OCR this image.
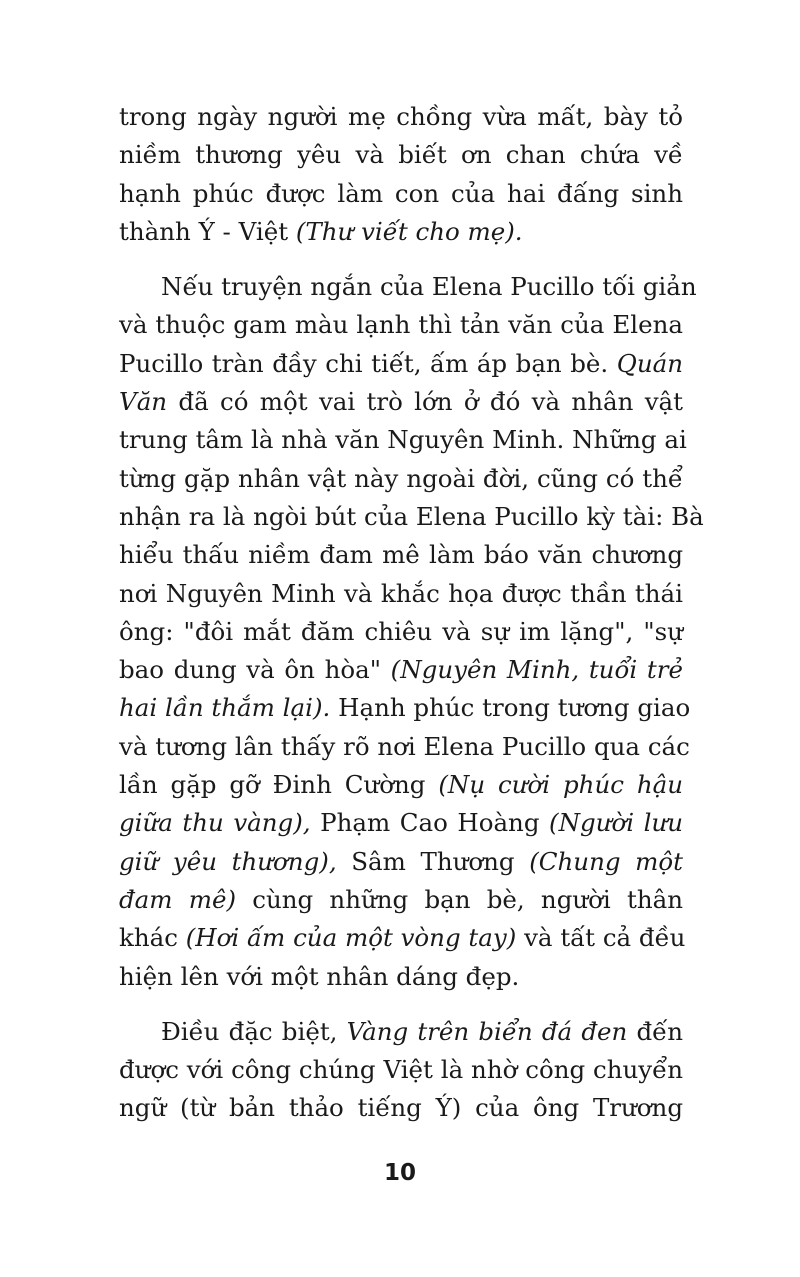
trong ngày người mẹ chồng vừa mất, bày tỏ
niềm thương yêu và biết ơn chan chứa về
hạnh phúc được làm con của hai đấng sinh
thành Ý - Việt (Thư viết cho mẹ).
Nếu truyện ngắn của Elena Pucillo tối giản
và thuộc gam màu lạnh thì tản văn của Elena
Pucillo tràn đầy chi tiết, ấm áp bạn bè. Quán
Văn đã có một vai trò lớn ở đó và nhân vật
trung tâm là nhà văn Nguyên Minh. Những ai
từng gặp nhân vật này ngoài đời, cũng có thể
nhận ra là ngòi bút của Elena Pucillo kỳ tài: Bà
hiểu thấu niềm đam mê làm báo văn chương
nơi Nguyên Minh và khắc họa được thần thái
ông: "đôi mắt đăm chiêu và sự im lặng", "sự
bao dung và ôn hòa" (Nguyên Minh, tuổi trẻ
hai lần thắm lại). Hạnh phúc trong tương giao
và tương lân thấy rõ nơi Elena Pucillo qua các
lần gặp gỡ Đinh Cường (Nụ cười phúc hậu
giữa thu vàng), Phạm Cao Hoàng (Người lưu
giữ yêu thương), Sâm Thương (Chung một
đam mê) cùng những bạn bè, người thân
khác (Hơi ấm của một vòng tay) và tất cả đều
hiện lên với một nhân dáng đẹp.
Điều đặc biệt, Vàng trên biển đá đen đến
được với công chúng Việt là nhờ công chuyển
ngữ (từ bản thảo tiếng Ý) của ông Trương
10
